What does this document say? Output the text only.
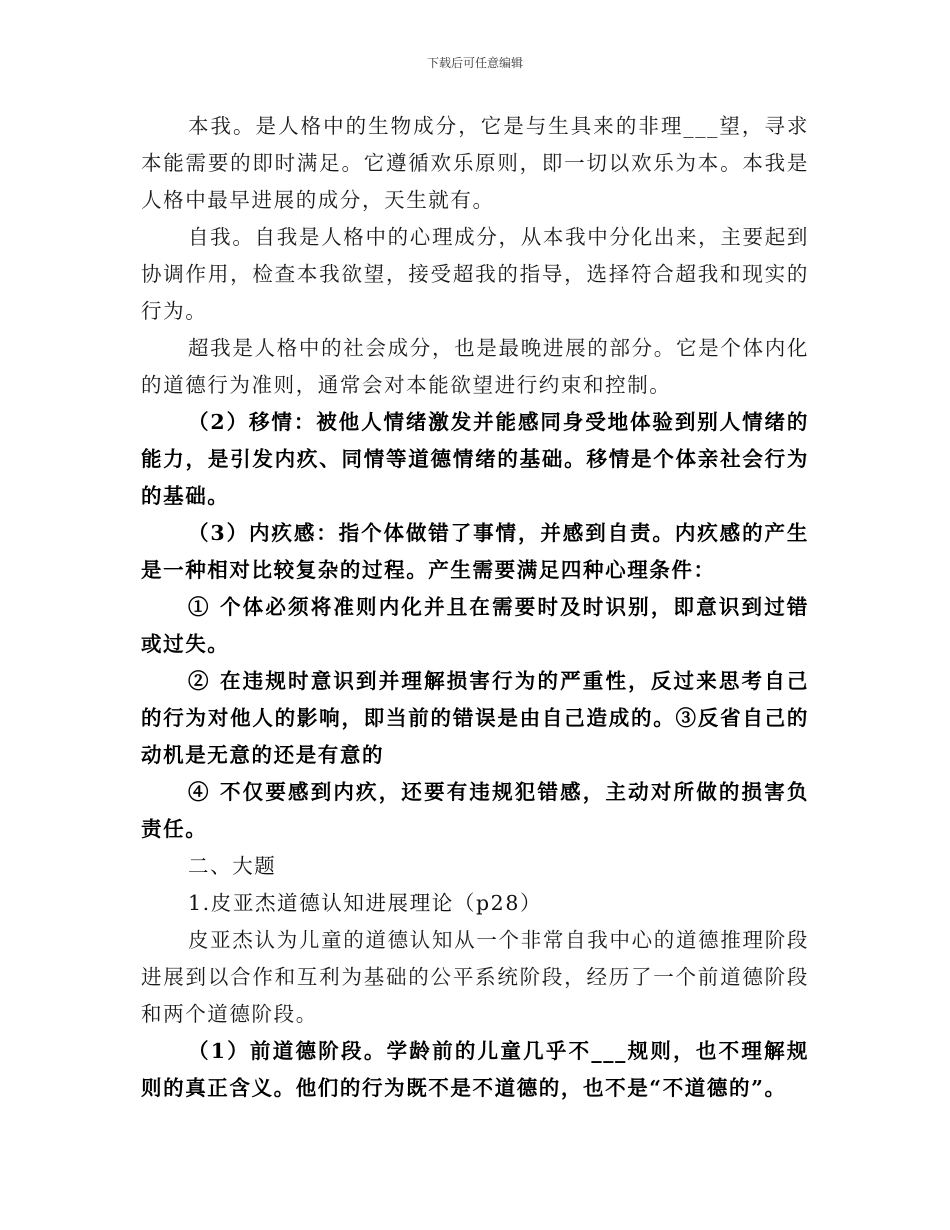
下载后可任意编辑

本我。是人格中的生物成分，它是与生具来的非理___望，寻求本能需要的即时满足。它遵循欢乐原则，即一切以欢乐为本。本我是人格中最早进展的成分，天生就有。

自我。自我是人格中的心理成分，从本我中分化出来，主要起到协调作用，检查本我欲望，接受超我的指导，选择符合超我和现实的行为。

超我是人格中的社会成分，也是最晚进展的部分。它是个体内化的道德行为准则，通常会对本能欲望进行约束和控制。

（2）移情：被他人情绪激发并能感同身受地体验到别人情绪的能力，是引发内疚、同情等道德情绪的基础。移情是个体亲社会行为的基础。

（3）内疚感：指个体做错了事情，并感到自责。内疚感的产生是一种相对比较复杂的过程。产生需要满足四种心理条件：

① 个体必须将准则内化并且在需要时及时识别，即意识到过错或过失。

② 在违规时意识到并理解损害行为的严重性，反过来思考自己的行为对他人的影响，即当前的错误是由自己造成的。③反省自己的动机是无意的还是有意的

④ 不仅要感到内疚，还要有违规犯错感，主动对所做的损害负责任。

二、大题

1.皮亚杰道德认知进展理论（p28）

皮亚杰认为儿童的道德认知从一个非常自我中心的道德推理阶段进展到以合作和互利为基础的公平系统阶段，经历了一个前道德阶段和两个道德阶段。

（1）前道德阶段。学龄前的儿童几乎不___规则，也不理解规则的真正含义。他们的行为既不是不道德的，也不是“不道德的”。
